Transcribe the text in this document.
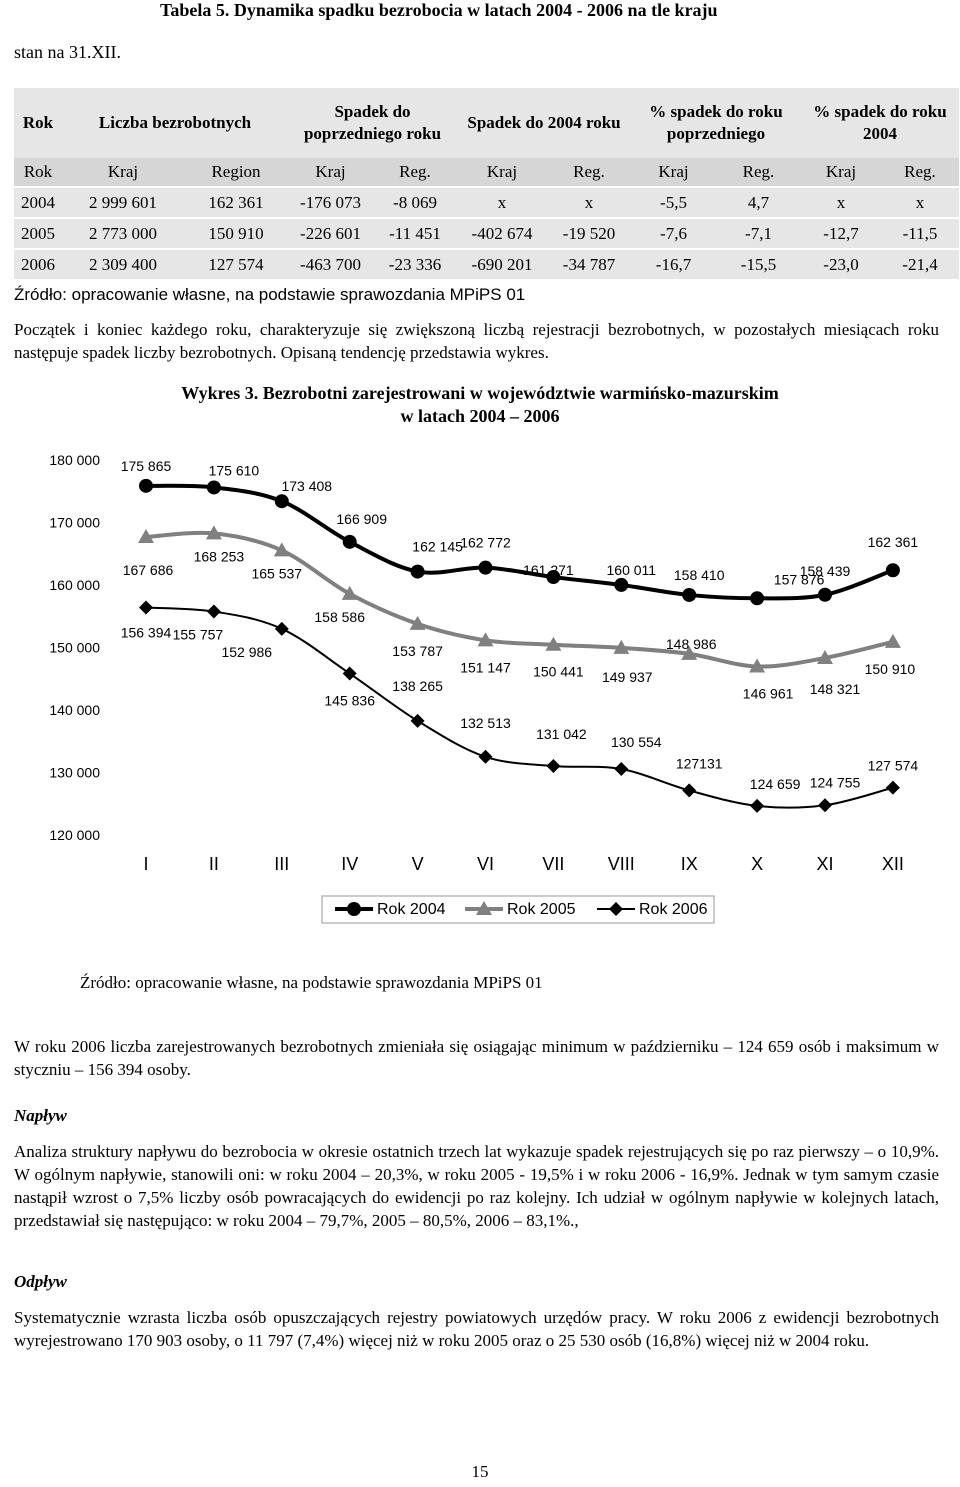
stan na 31.XII.
Tabela 5. Dynamika spadku bezrobocia w latach 2004 - 2006 na tle kraju
Rok	Liczba bezrobotnych		Spadek do poprzedniego roku		Spadek do 2004 roku		% spadek do roku poprzedniego		% spadek do roku 2004	
Rok	Kraj	Region	Kraj	Reg.	Kraj	Reg.	Kraj	Reg.	Kraj	Reg.

2004	2 999 601	162 361	-176 073	-8 069	x	x	-5,5	4,7	x	x

2005	2 773 000	150 910	-226 601	-11 451	-402 674	-19 520	-7,6	-7,1	-12,7	-11,5

2006	2 309 400	127 574	-463 700	-23 336	-690 201	-34 787	-16,7	-15,5	-23,0	-21,4
Źródło: opracowanie własne, na podstawie sprawozdania MPiPS 01
Początek i koniec każdego roku, charakteryzuje się zwiększoną liczbą rejestracji bezrobotnych, w pozostałych miesiącach roku następuje spadek liczby bezrobotnych. Opisaną tendencję przedstawia wykres.
Wykres 3. Bezrobotni zarejestrowani w województwie warmińsko-mazurskim
w latach 2004 – 2006
180 000
170 000
160 000
150 000
140 000
130 000
120 000
I	II	III	IV	V	VI	VII VIII	IX	X	XI	XII
175 865	175 610
173 408
166 909
162 145
162 772
161 271 160 011 158 410	157 876
158 439
162 361
167 686
168 253
165 537
158 586
153 787
151 147 150 441 149 937
148 986
146 961 148 321
150 910
156 394 155 757
152 986
145 836
138 265
132 513
131 042
130 554
127131
124 659 124 755
127 574
Rok 2004	Rok 2005	Rok 2006
Źródło: opracowanie własne, na podstawie sprawozdania MPiPS 01
W roku 2006 liczba zarejestrowanych bezrobotnych zmieniała się osiągając minimum w październiku – 124 659 osób i maksimum w styczniu – 156 394 osoby.
Napływ
Analiza struktury napływu do bezrobocia w okresie ostatnich trzech lat wykazuje spadek rejestrujących się po raz pierwszy – o 10,9%. W ogólnym napływie, stanowili oni: w roku 2004 – 20,3%, w roku 2005 - 19,5% i w roku 2006 - 16,9%. Jednak w tym samym czasie nastąpił wzrost o 7,5% liczby osób powracających do ewidencji po raz kolejny. Ich udział w ogólnym napływie w kolejnych latach, przedstawiał się następująco: w roku 2004 – 79,7%, 2005 – 80,5%, 2006 – 83,1%.,
Odpływ
Systematycznie wzrasta liczba osób opuszczających rejestry powiatowych urzędów pracy. W roku 2006 z ewidencji bezrobotnych wyrejestrowano 170 903 osoby, o 11 797 (7,4%) więcej niż w roku 2005 oraz o 25 530 osób (16,8%) więcej niż w 2004 roku.
15
